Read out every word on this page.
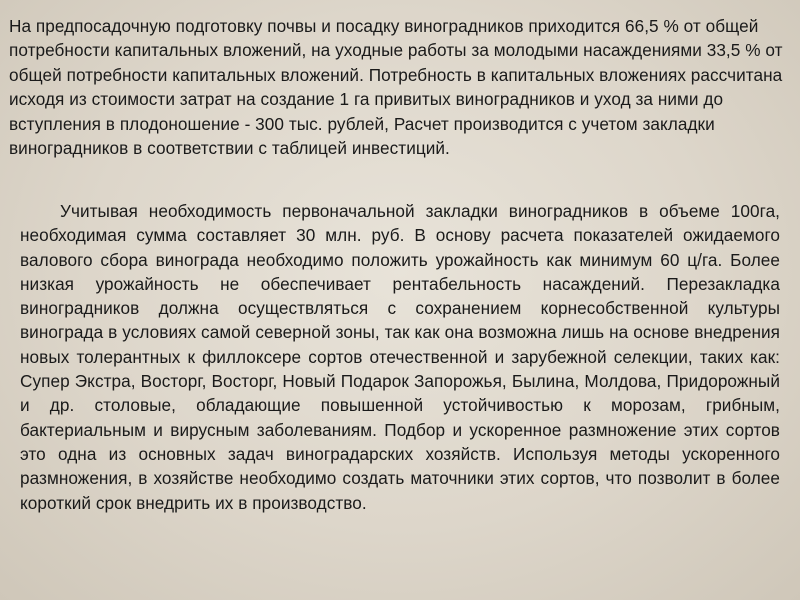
На предпосадочную подготовку почвы и посадку виноградников приходится 66,5 % от общей потребности капитальных вложений, на уходные работы за молодыми насаждениями 33,5 % от общей потребности капитальных вложений. Потребность в капитальных вложениях рассчитана исходя из стоимости затрат на создание 1 га привитых виноградников и уход за ними до вступления в плодоношение - 300 тыс. рублей, Расчет производится с учетом закладки виноградников в соответствии с таблицей инвестиций.

Учитывая необходимость первоначальной закладки виноградников в объеме 100га, необходимая сумма составляет 30 млн. руб. В основу расчета показателей ожидаемого валового сбора винограда необходимо положить урожайность как минимум 60 ц/га. Более низкая урожайность не обеспечивает рентабельность насаждений. Перезакладка виноградников должна осуществляться с сохранением корнесобственной культуры винограда в условиях самой северной зоны, так как она возможна лишь на основе внедрения новых толерантных к филлоксере сортов отечественной и зарубежной селекции, таких как: Супер Экстра, Восторг, Восторг, Новый Подарок Запорожья, Былина, Молдова, Придорожный и др. столовые, обладающие повышенной устойчивостью к морозам, грибным, бактериальным и вирусным заболеваниям. Подбор и ускоренное размножение этих сортов это одна из основных задач виноградарских хозяйств. Используя методы ускоренного размножения, в хозяйстве необходимо создать маточники этих сортов, что позволит в более короткий срок внедрить их в производство.
